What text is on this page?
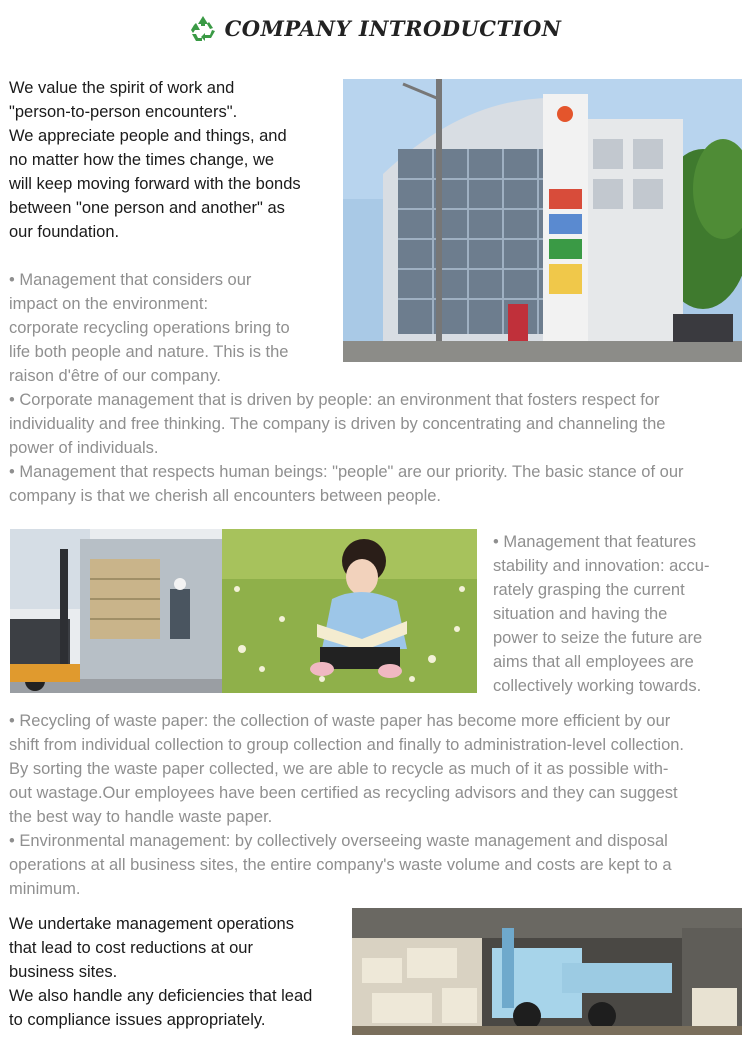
COMPANY INTRODUCTION

We value the spirit of work and

"person-to-person encounters".

We appreciate people and things, and

no matter how the times change, we

will keep moving forward with the bonds

between "one person and another" as

our foundation.

• Management that considers our

impact on the environment:

corporate recycling operations bring to

life both people and nature. This is the

raison d'être of our company.

• Corporate management that is driven by people: an environment that fosters respect for

individuality and free thinking. The company is driven by concentrating and channeling the

power of individuals.

• Management that respects human beings: "people" are our priority. The basic stance of our

company is that we cherish all encounters between people.

• Management that features

stability and innovation: accu-

rately grasping the current

situation and having the

power to seize the future are

aims that all employees are

collectively working towards.

• Recycling of waste paper: the collection of waste paper has become more efficient by our

shift from individual collection to group collection and finally to administration-level collection.

By sorting the waste paper collected, we are able to recycle as much of it as possible with-

out wastage.Our employees have been certified as recycling advisors and they can suggest

the best way to handle waste paper.

• Environmental management: by collectively overseeing waste management and disposal

operations at all business sites, the entire company's waste volume and costs are kept to a

minimum.

We undertake management operations

that lead to cost reductions at our

business sites.

We also handle any deficiencies that lead

to compliance issues appropriately.
